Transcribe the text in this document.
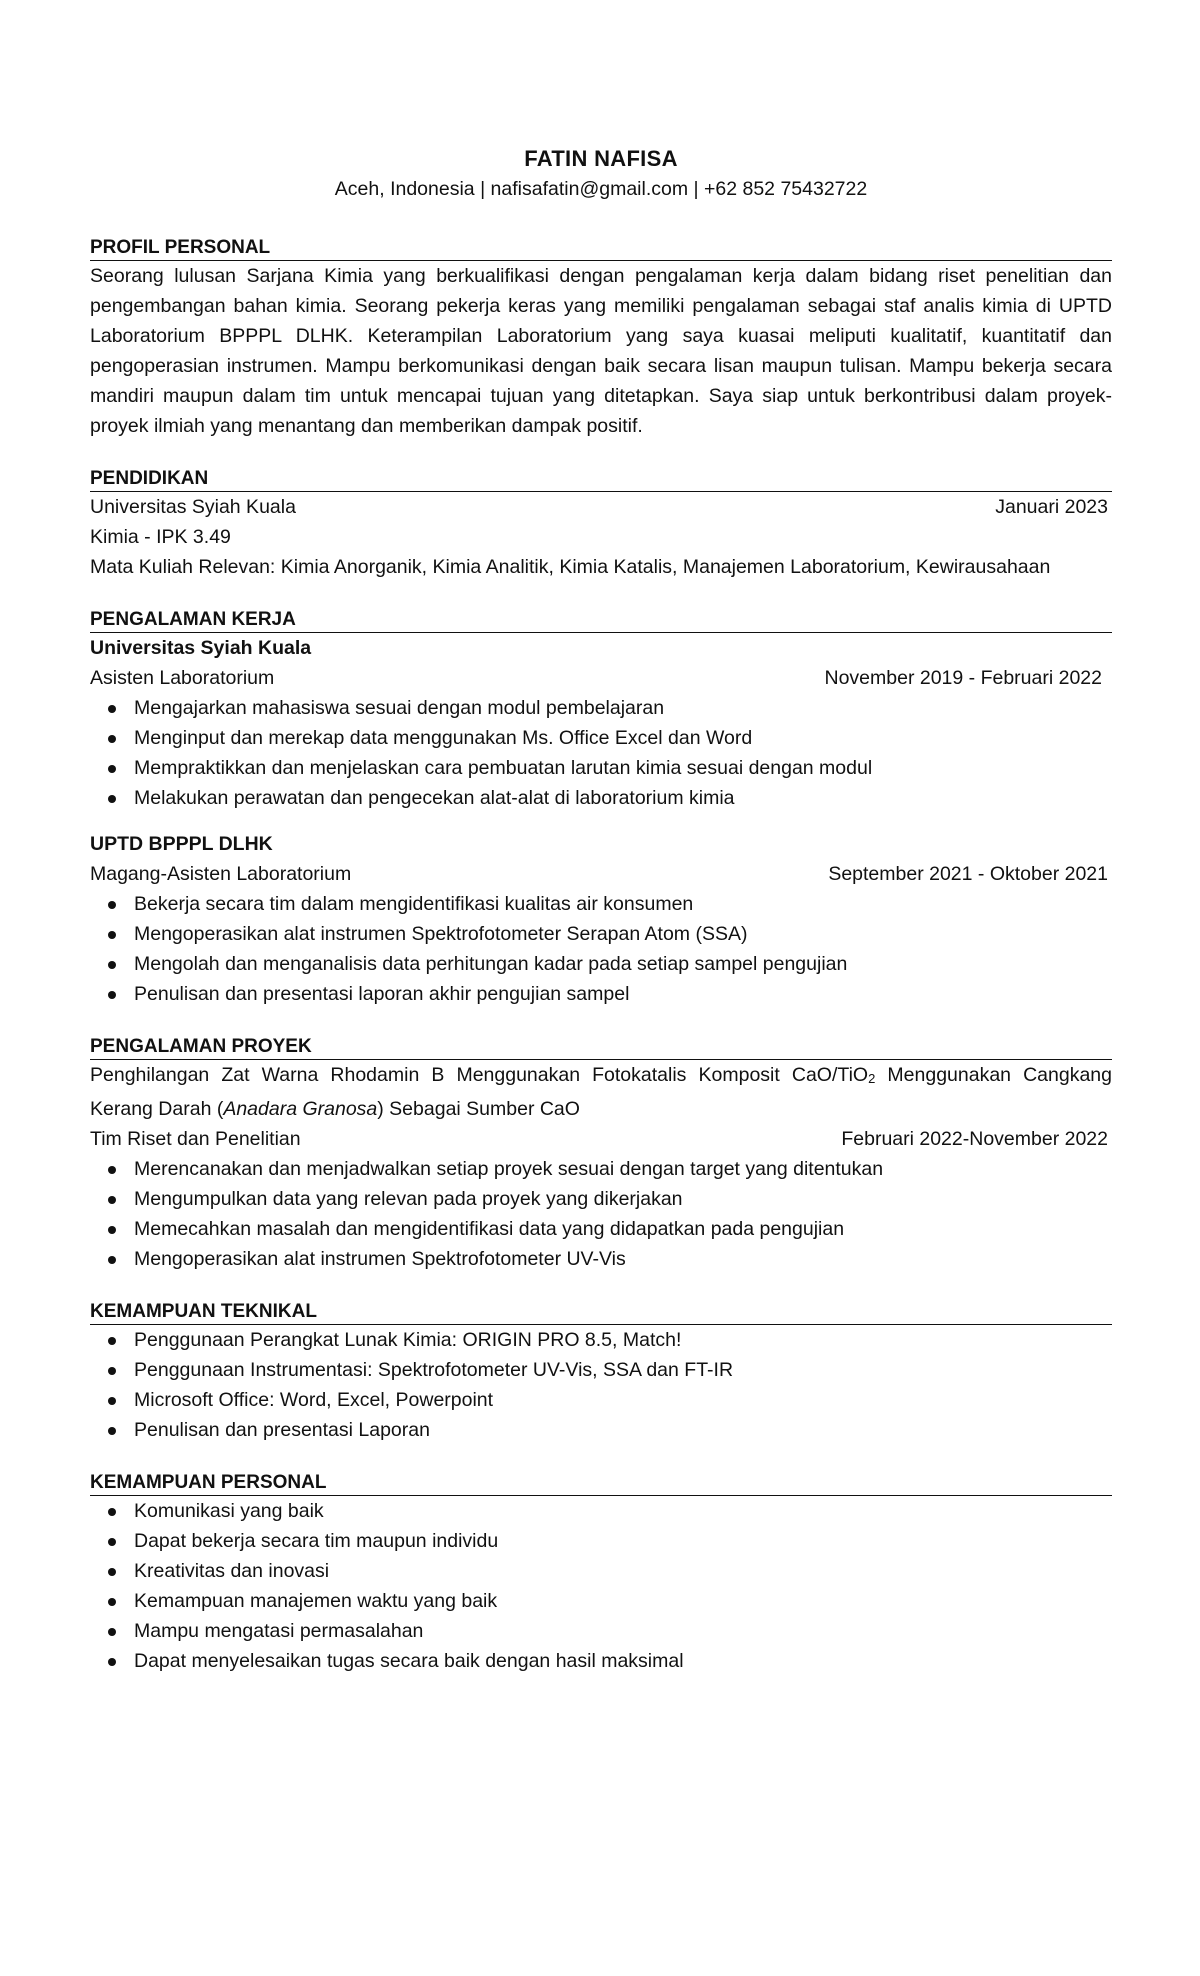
FATIN NAFISA
Aceh, Indonesia | nafisafatin@gmail.com | +62 852 75432722
PROFIL PERSONAL

Seorang lulusan Sarjana Kimia yang berkualifikasi dengan pengalaman kerja dalam bidang riset penelitian dan pengembangan bahan kimia. Seorang pekerja keras yang memiliki pengalaman sebagai staf analis kimia di UPTD Laboratorium BPPPL DLHK. Keterampilan Laboratorium yang saya kuasai meliputi kualitatif, kuantitatif dan pengoperasian instrumen. Mampu berkomunikasi dengan baik secara lisan maupun tulisan. Mampu bekerja secara mandiri maupun dalam tim untuk mencapai tujuan yang ditetapkan. Saya siap untuk berkontribusi dalam proyek-proyek ilmiah yang menantang dan memberikan dampak positif.

PENDIDIKAN
Universitas Syiah Kuala	Januari 2023
Kimia - IPK 3.49

Mata Kuliah Relevan: Kimia Anorganik, Kimia Analitik, Kimia Katalis, Manajemen Laboratorium, Kewirausahaan

PENGALAMAN KERJA
Universitas Syiah Kuala
Asisten Laboratorium	November 2019 - Februari 2022
Mengajarkan mahasiswa sesuai dengan modul pembelajaran
Menginput dan merekap data menggunakan Ms. Office Excel dan Word
Mempraktikkan dan menjelaskan cara pembuatan larutan kimia sesuai dengan modul
Melakukan perawatan dan pengecekan alat-alat di laboratorium kimia
UPTD BPPPL DLHK
Magang-Asisten Laboratorium	September 2021 - Oktober 2021
Bekerja secara tim dalam mengidentifikasi kualitas air konsumen
Mengoperasikan alat instrumen Spektrofotometer Serapan Atom (SSA)
Mengolah dan menganalisis data perhitungan kadar pada setiap sampel pengujian
Penulisan dan presentasi laporan akhir pengujian sampel
PENGALAMAN PROYEK

Penghilangan Zat Warna Rhodamin B Menggunakan Fotokatalis Komposit CaO/TiO$_2$ Menggunakan Cangkang Kerang Darah (Anadara Granosa) Sebagai Sumber CaO

Tim Riset dan Penelitian	Februari 2022-November 2022
Merencanakan dan menjadwalkan setiap proyek sesuai dengan target yang ditentukan
Mengumpulkan data yang relevan pada proyek yang dikerjakan
Memecahkan masalah dan mengidentifikasi data yang didapatkan pada pengujian
Mengoperasikan alat instrumen Spektrofotometer UV-Vis
KEMAMPUAN TEKNIKAL
Penggunaan Perangkat Lunak Kimia: ORIGIN PRO 8.5, Match!
Penggunaan Instrumentasi: Spektrofotometer UV-Vis, SSA dan FT-IR
Microsoft Office: Word, Excel, Powerpoint
Penulisan dan presentasi Laporan
KEMAMPUAN PERSONAL
Komunikasi yang baik
Dapat bekerja secara tim maupun individu
Kreativitas dan inovasi
Kemampuan manajemen waktu yang baik
Mampu mengatasi permasalahan
Dapat menyelesaikan tugas secara baik dengan hasil maksimal
